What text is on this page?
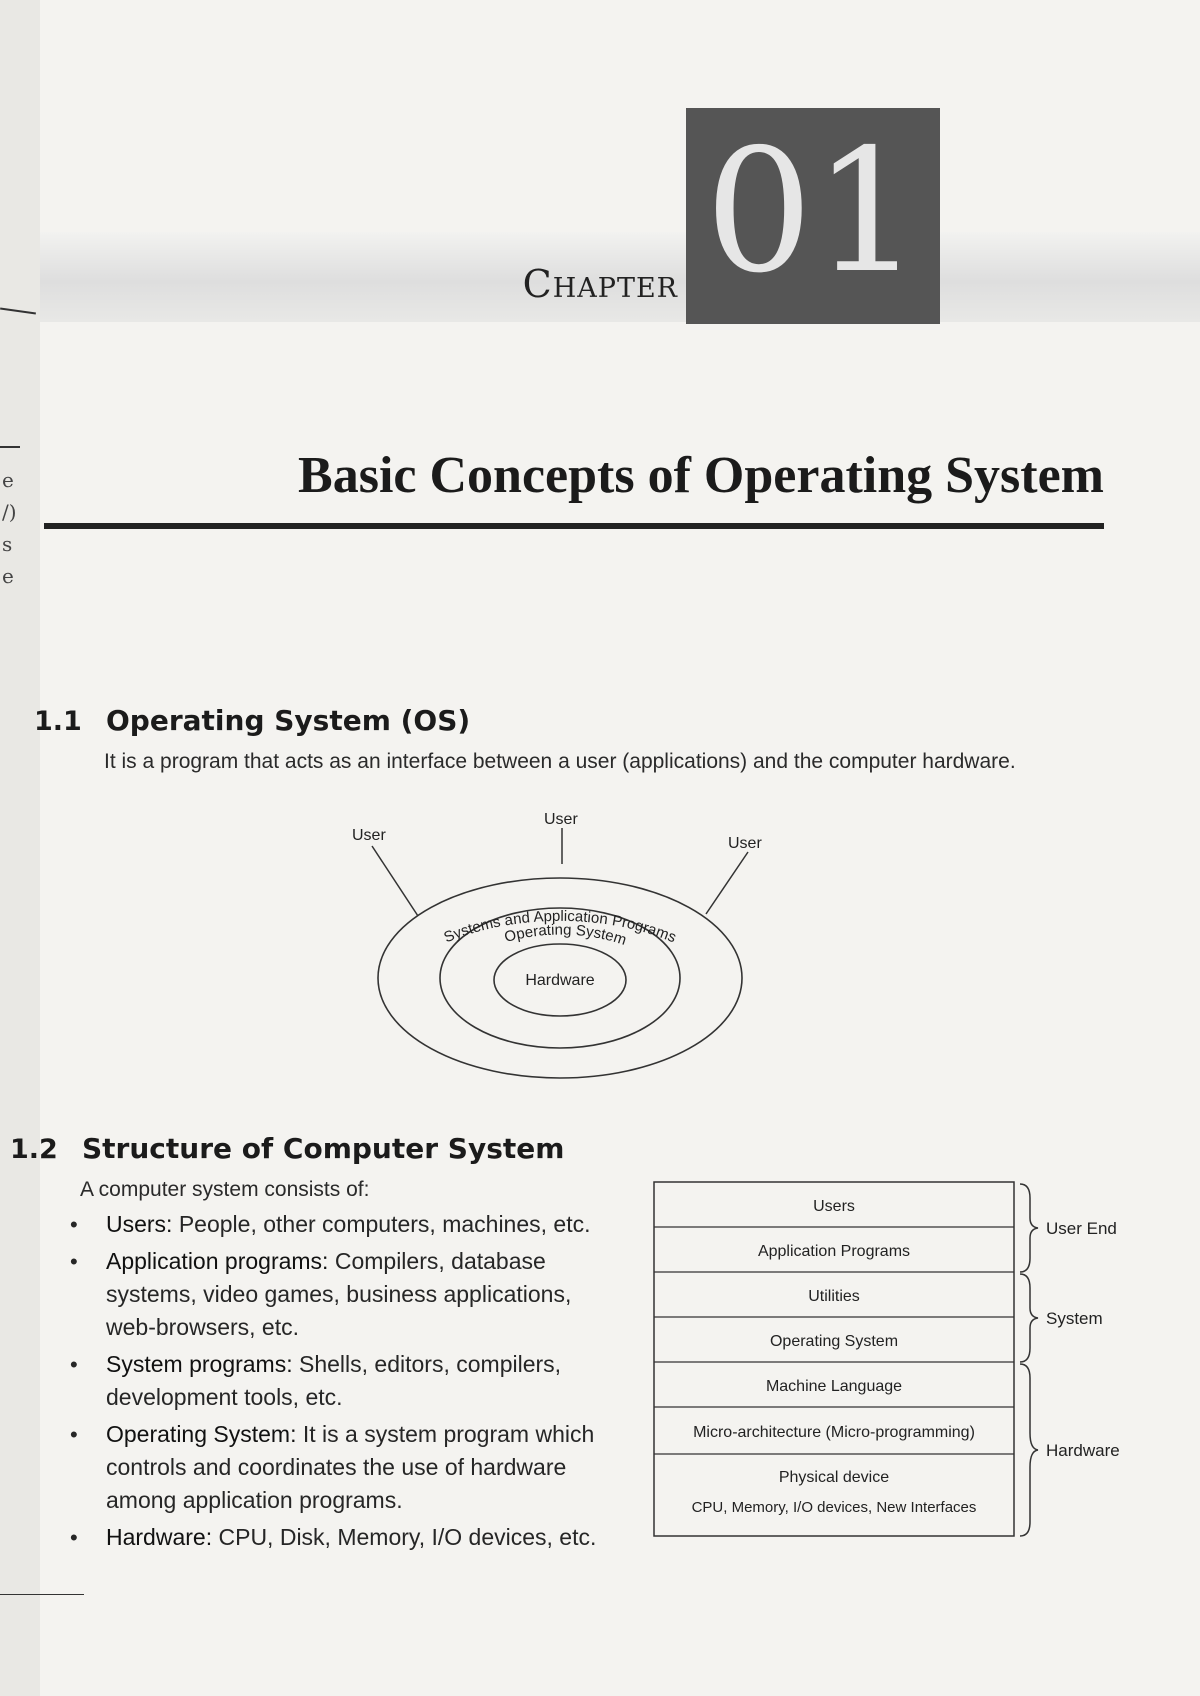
e
/)
s
e
Chapter 01
Basic Concepts of Operating System
1.1 Operating System (OS)
It is a program that acts as an interface between a user (applications) and the computer hardware.
User
User
User
Systems and Application Programs
Operating System
Hardware
1.2 Structure of Computer System
A computer system consists of:
• Users: People, other computers, machines, etc.
• Application programs: Compilers, database systems, video games, business applications, web-browsers, etc.
• System programs: Shells, editors, compilers, development tools, etc.
• Operating System: It is a system program which controls and coordinates the use of hardware among application programs.
• Hardware: CPU, Disk, Memory, I/O devices, etc.
Users
Application Programs
Utilities
Operating System
Machine Language
Micro-architecture (Micro-programming)
Physical device
CPU, Memory, I/O devices, New Interfaces
User End
System
Hardware
